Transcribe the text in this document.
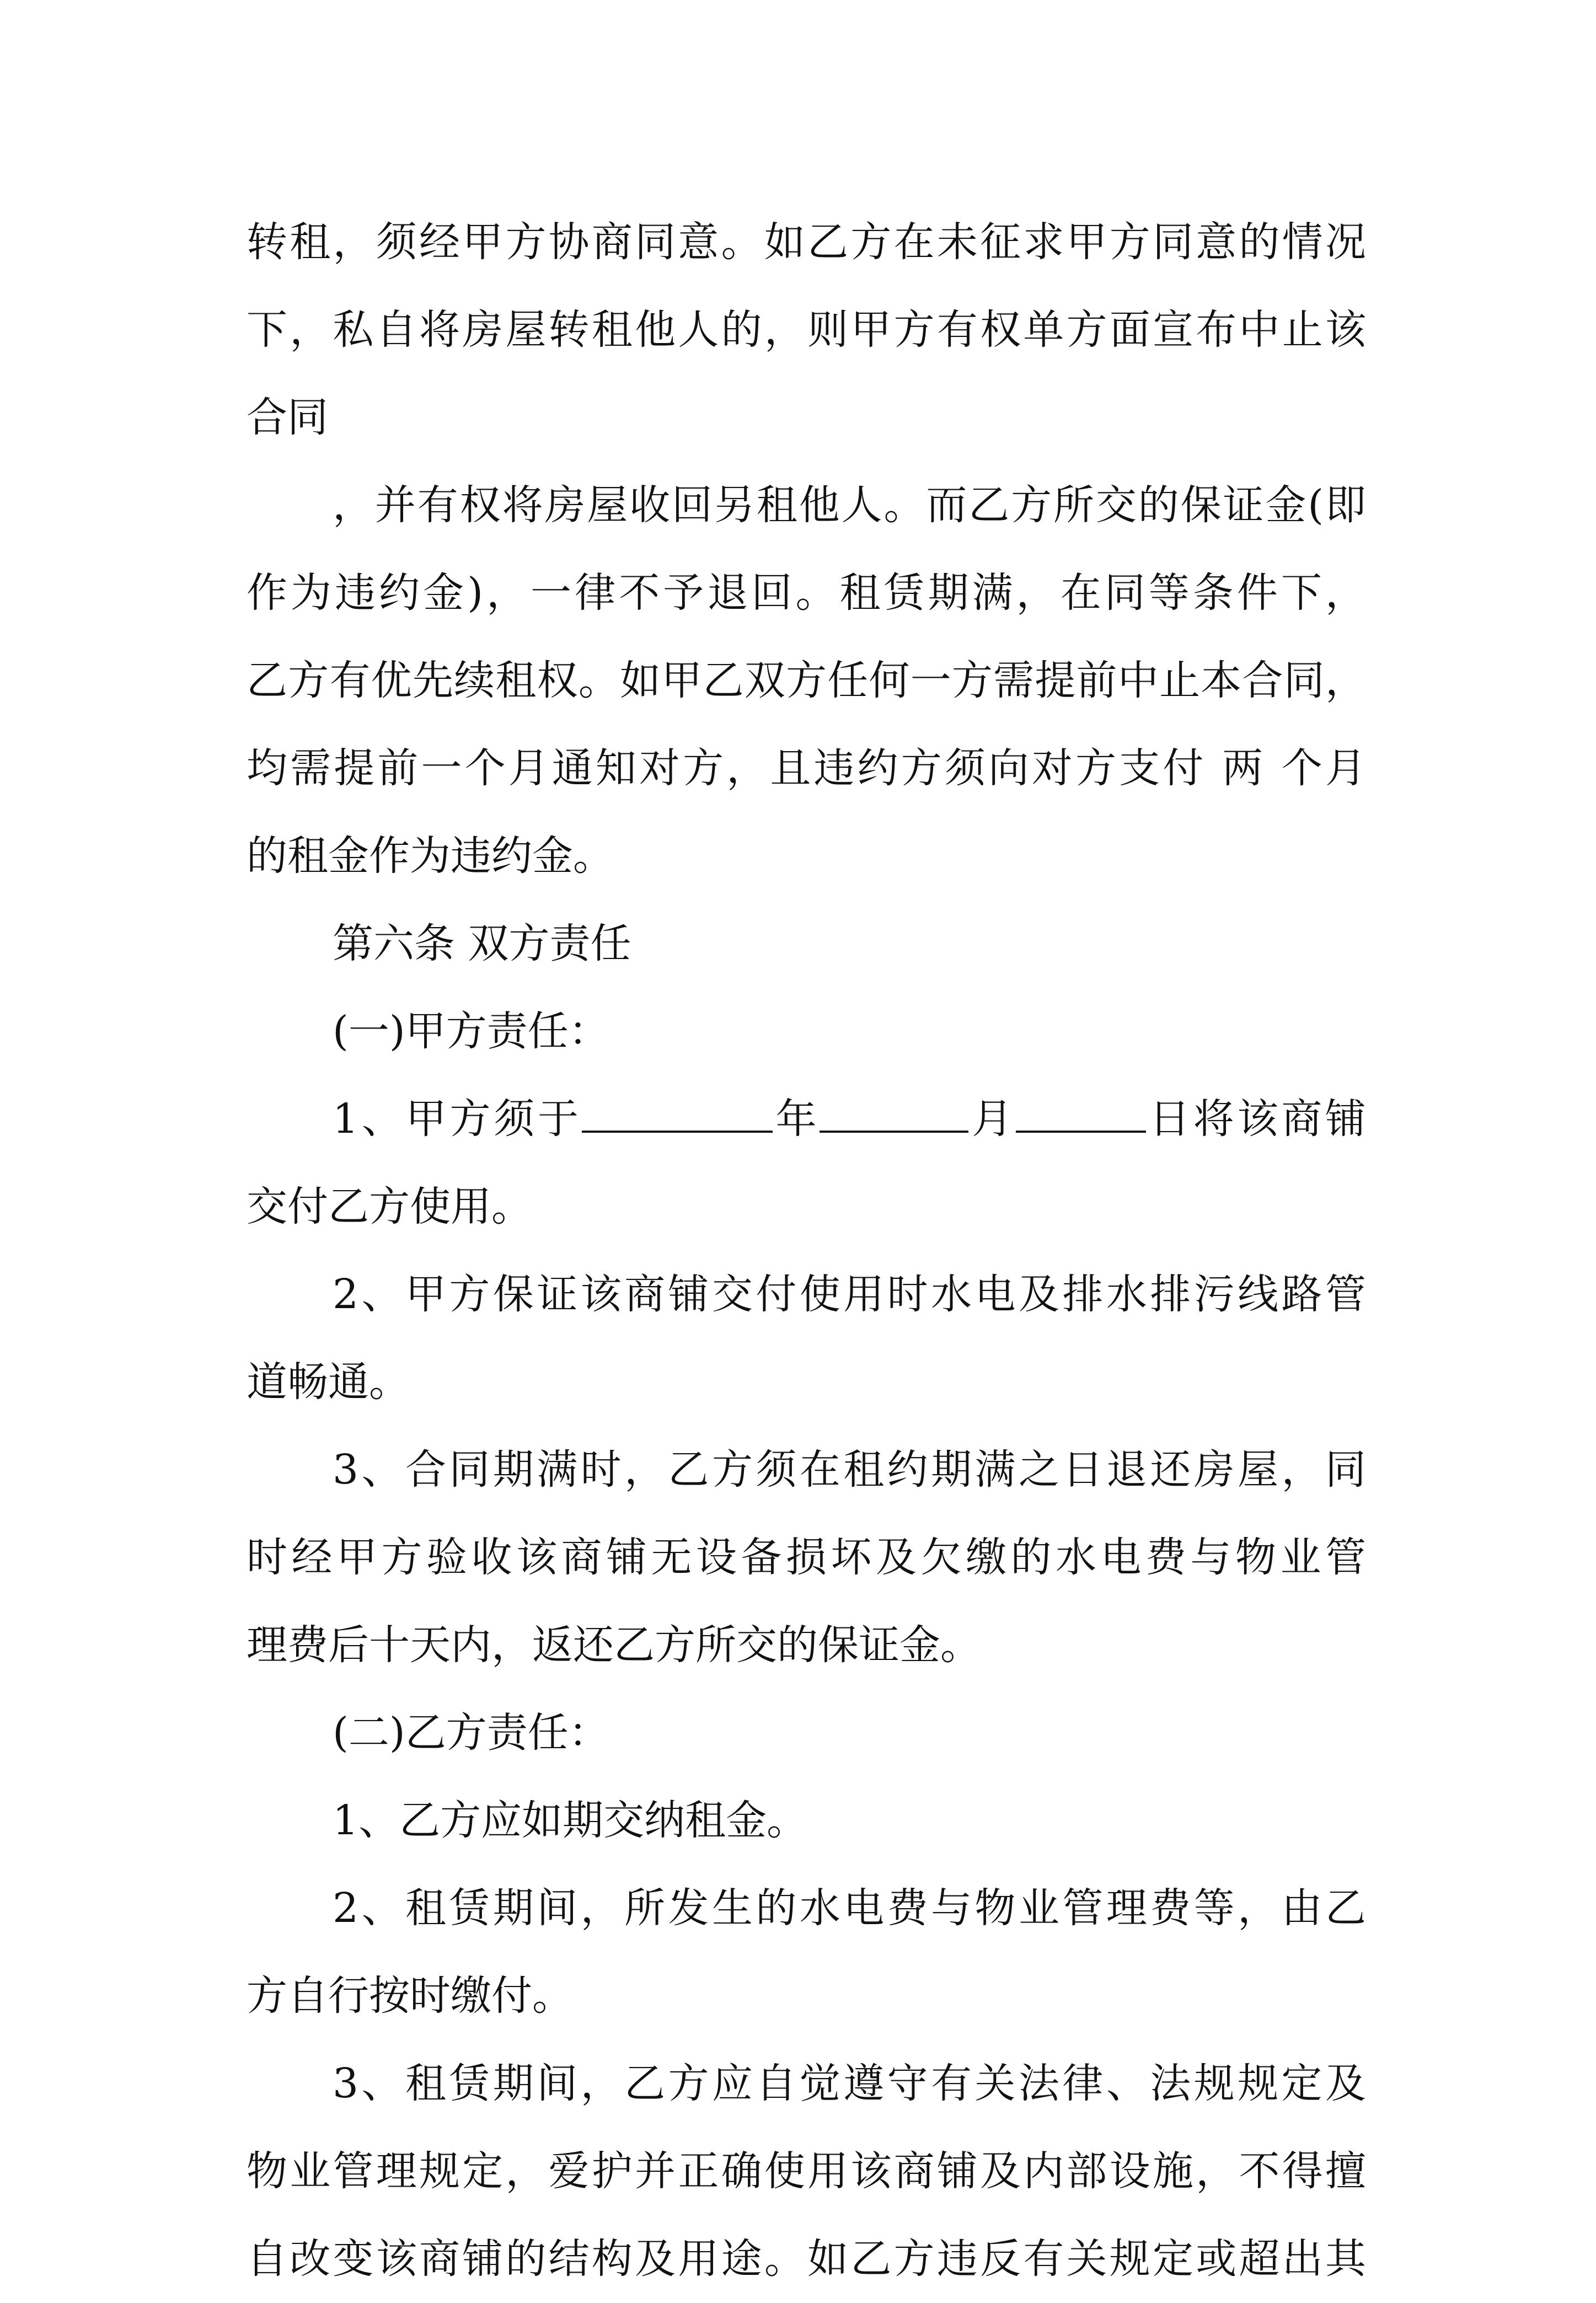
转租，须经甲方协商同意。如乙方在未征求甲方同意的情况
下，私自将房屋转租他人的，则甲方有权单方面宣布中止该
合同
，并有权将房屋收回另租他人。而乙方所交的保证金(即
作为违约金)，一律不予退回。租赁期满，在同等条件下，
乙方有优先续租权。如甲乙双方任何一方需提前中止本合同，
均需提前一个月通知对方，且违约方须向对方支付 两 个月
的租金作为违约金。
第六条 双方责任
(一)甲方责任：
1、甲方须于	年	月	日将该商铺
交付乙方使用。
2、甲方保证该商铺交付使用时水电及排水排污线路管
道畅通。
3、合同期满时，乙方须在租约期满之日退还房屋，同
时经甲方验收该商铺无设备损坏及欠缴的水电费与物业管
理费后十天内，返还乙方所交的保证金。
(二)乙方责任：
1、乙方应如期交纳租金。
2、租赁期间，所发生的水电费与物业管理费等，由乙
方自行按时缴付。
3、租赁期间，乙方应自觉遵守有关法律、法规规定及
物业管理规定，爱护并正确使用该商铺及内部设施，不得擅
自改变该商铺的结构及用途。如乙方违反有关规定或超出其
